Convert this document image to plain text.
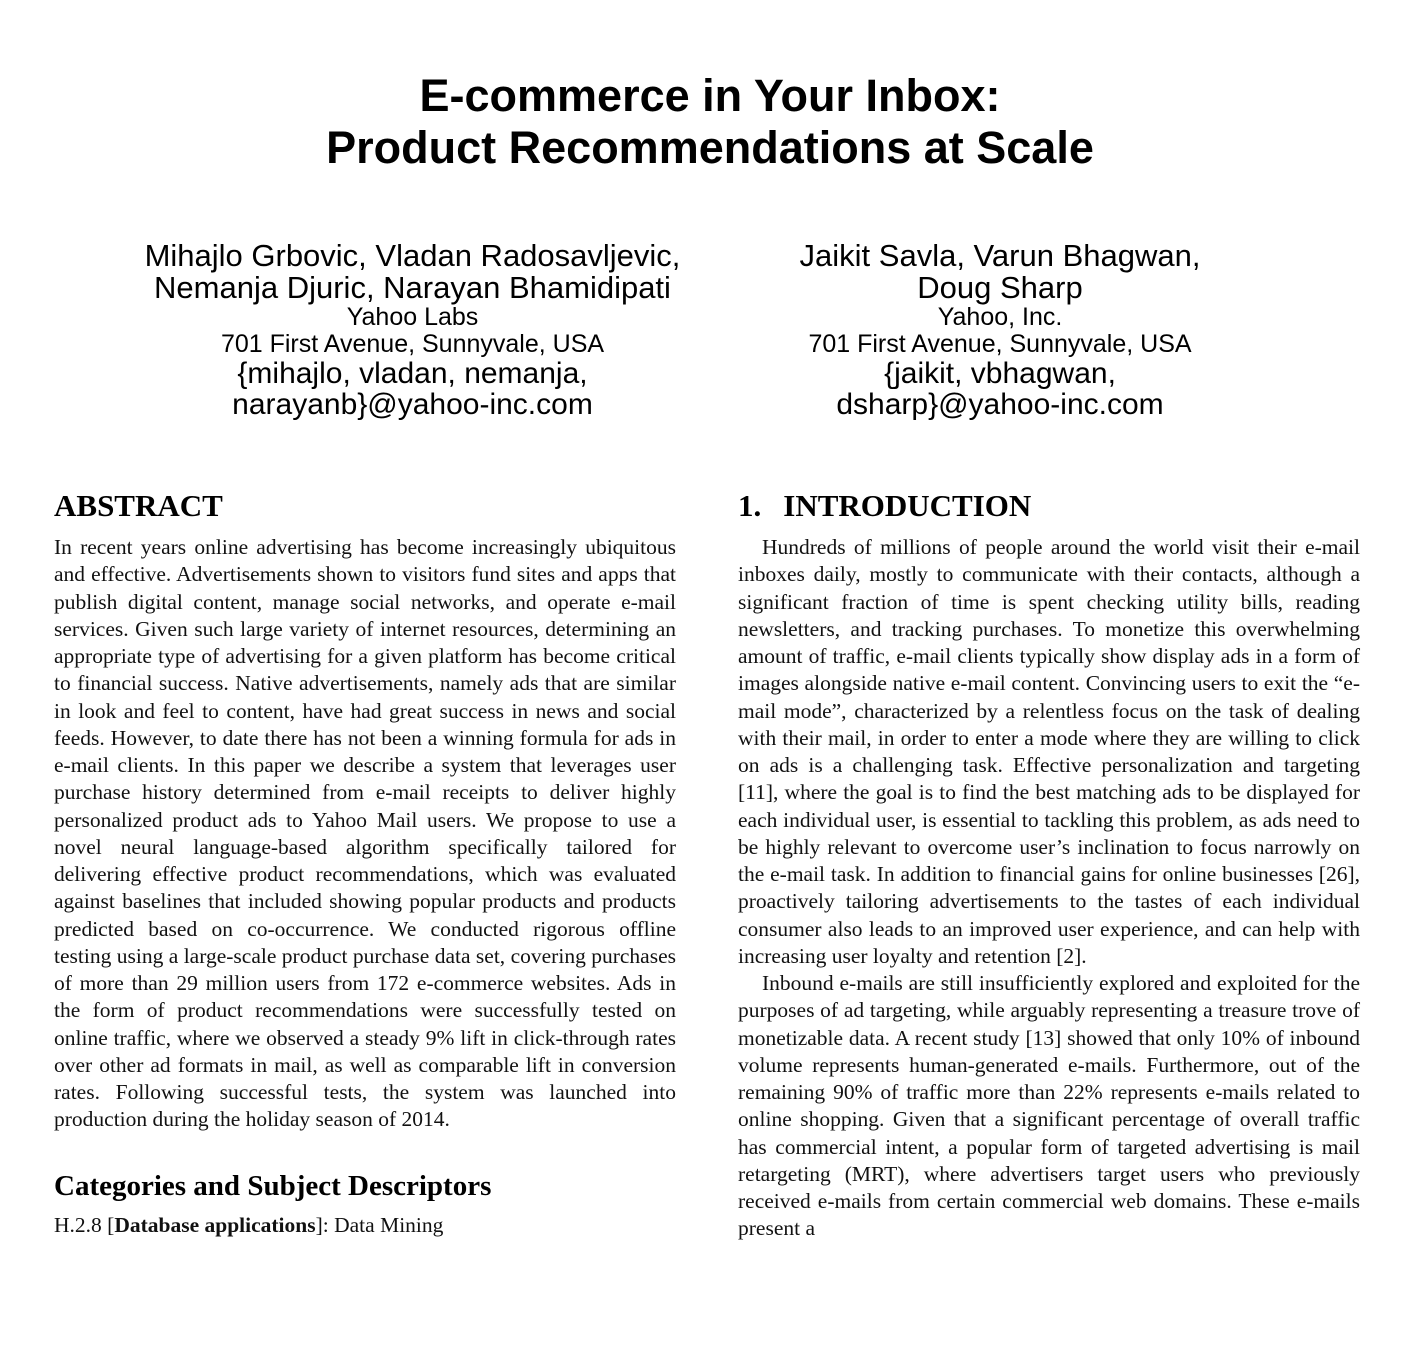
E-commerce in Your Inbox:
Product Recommendations at Scale
Mihajlo Grbovic, Vladan Radosavljevic,
Nemanja Djuric, Narayan Bhamidipati
Yahoo Labs
701 First Avenue, Sunnyvale, USA
{mihajlo, vladan, nemanja,
narayanb}@yahoo-inc.com
Jaikit Savla, Varun Bhagwan,
Doug Sharp
Yahoo, Inc.
701 First Avenue, Sunnyvale, USA
{jaikit, vbhagwan,
dsharp}@yahoo-inc.com
ABSTRACT

In recent years online advertising has become increasingly ubiquitous and effective. Advertisements shown to visitors fund sites and apps that publish digital content, manage social networks, and operate e-mail services. Given such large variety of internet resources, determining an appropriate type of advertising for a given platform has become critical to financial success. Native advertisements, namely ads that are similar in look and feel to content, have had great success in news and social feeds. However, to date there has not been a winning formula for ads in e-mail clients. In this paper we describe a system that leverages user purchase history determined from e-mail receipts to deliver highly personalized product ads to Yahoo Mail users. We propose to use a novel neural language-based algorithm specifically tailored for delivering effective product recommendations, which was evaluated against baselines that included showing popular products and products predicted based on co-occurrence. We conducted rigorous offline testing using a large-scale product purchase data set, covering purchases of more than 29 million users from 172 e-commerce websites. Ads in the form of product recommendations were successfully tested on online traffic, where we observed a steady 9% lift in click-through rates over other ad formats in mail, as well as comparable lift in conversion rates. Following successful tests, the system was launched into production during the holiday season of 2014.

Categories and Subject Descriptors

H.2.8 [Database applications]: Data Mining

1. INTRODUCTION

Hundreds of millions of people around the world visit their e-mail inboxes daily, mostly to communicate with their contacts, although a significant fraction of time is spent checking utility bills, reading newsletters, and tracking purchases. To monetize this overwhelming amount of traffic, e-mail clients typically show display ads in a form of images alongside native e-mail content. Convincing users to exit the “e-mail mode”, characterized by a relentless focus on the task of dealing with their mail, in order to enter a mode where they are willing to click on ads is a challenging task. Effective personalization and targeting [11], where the goal is to find the best matching ads to be displayed for each individual user, is essential to tackling this problem, as ads need to be highly relevant to overcome user’s inclination to focus narrowly on the e-mail task. In addition to financial gains for online businesses [26], proactively tailoring advertisements to the tastes of each individual consumer also leads to an improved user experience, and can help with increasing user loyalty and retention [2].

Inbound e-mails are still insufficiently explored and exploited for the purposes of ad targeting, while arguably representing a treasure trove of monetizable data. A recent study [13] showed that only 10% of inbound volume represents human-generated e-mails. Furthermore, out of the remaining 90% of traffic more than 22% represents e-mails related to online shopping. Given that a significant percentage of overall traffic has commercial intent, a popular form of targeted advertising is mail retargeting (MRT), where advertisers target users who previously received e-mails from certain commercial web domains. These e-mails present a
